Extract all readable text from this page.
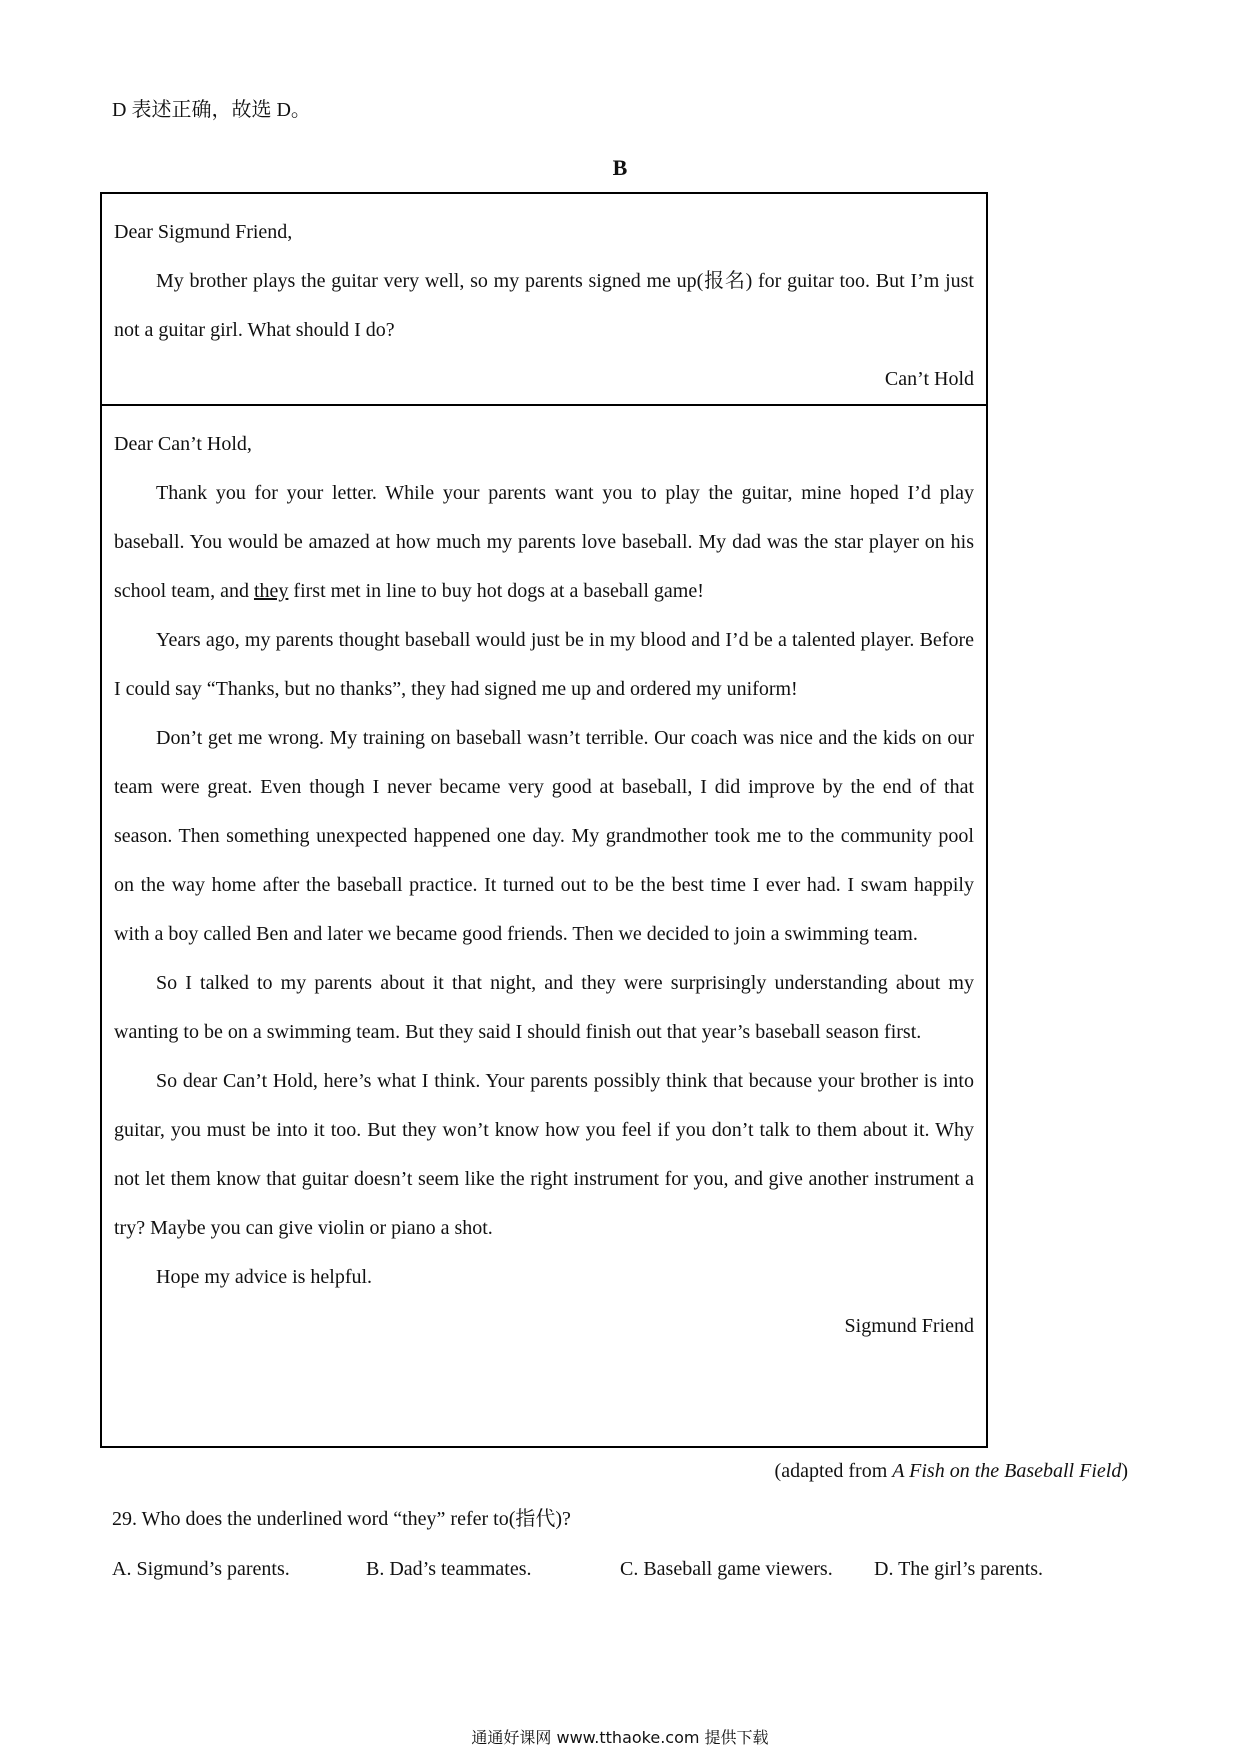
D 表述正确，故选 D。
B

Dear Sigmund Friend,

My brother plays the guitar very well, so my parents signed me up(报名) for guitar too. But I’m just not a guitar girl. What should I do?

Can’t Hold

Dear Can’t Hold,

Thank you for your letter. While your parents want you to play the guitar, mine hoped I’d play baseball. You would be amazed at how much my parents love baseball. My dad was the star player on his school team, and they first met in line to buy hot dogs at a baseball game!

Years ago, my parents thought baseball would just be in my blood and I’d be a talented player. Before I could say “Thanks, but no thanks”, they had signed me up and ordered my uniform!

Don’t get me wrong. My training on baseball wasn’t terrible. Our coach was nice and the kids on our team were great. Even though I never became very good at baseball, I did improve by the end of that season. Then something unexpected happened one day. My grandmother took me to the community pool on the way home after the baseball practice. It turned out to be the best time I ever had. I swam happily with a boy called Ben and later we became good friends. Then we decided to join a swimming team.

So I talked to my parents about it that night, and they were surprisingly understanding about my wanting to be on a swimming team. But they said I should finish out that year’s baseball season first.

So dear Can’t Hold, here’s what I think. Your parents possibly think that because your brother is into guitar, you must be into it too. But they won’t know how you feel if you don’t talk to them about it. Why not let them know that guitar doesn’t seem like the right instrument for you, and give another instrument a try? Maybe you can give violin or piano a shot.

Hope my advice is helpful.

Sigmund Friend

(adapted from A Fish on the Baseball Field)
29. Who does the underlined word “they” refer to(指代)?
A. Sigmund’s parents.	B. Dad’s teammates.	C. Baseball game viewers. D. The girl’s parents.
通通好课网 www.tthaoke.com 提供下载
